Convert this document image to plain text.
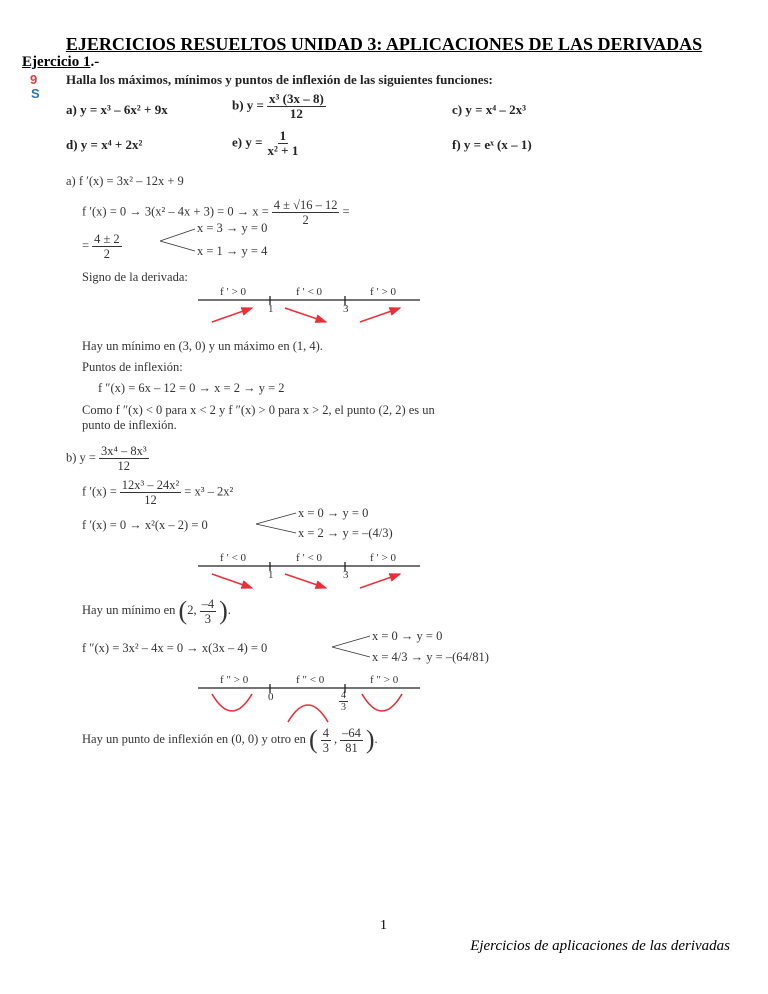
EJERCICIOS RESUELTOS UNIDAD 3: APLICACIONES DE LAS DERIVADAS
Ejercicio 1.-
9
S
Halla los máximos, mínimos y puntos de inflexión de las siguientes funciones:
a) y = x³ – 6x² + 9x	b) $y = \frac{\text{x³ (3x – 8)}}{12}$	c) y = x⁴ – 2x³
d) y = x⁴ + 2x²	e) $y = \frac{1}{\text{x² + 1}}$	f) y = eˣ (x – 1)
a) f ′(x) = 3x² – 12x + 9
f $'(x) = 0 \to 3(x^2 - 4x + 3) = 0 \to x = \frac{4 \pm √16 - 12}{2}$ =
= $\frac{4 \pm 2}{2}$
x = 3 → y = 0
x = 1 → y = 4
Signo de la derivada:
f ′ > 0	f ′ < 0	f ′ > 0
1	3
Hay un mínimo en (3, 0) y un máximo en (1, 4).
Puntos de inflexión:
f ″(x) = 6x – 12 = 0 → x = 2 → y = 2
Como f ″(x) < 0 para x < 2 y f ″(x) > 0 para x > 2, el punto (2, 2) es un
punto de inflexión.
b) $y = \frac{\text{3x⁴ – 8x³}}{12}$
f $'(x) = \frac{\text{12x³ – 24x²}}{12} = x^3 - 2x^2$
f ′(x) = 0 → x²(x – 2) = 0
x = 0 → y = 0
x = 2 → y = –(4/3)
f ′ < 0	f ′ < 0	f ′ > 0
1	3
Hay un mínimo en (2, $\frac{-4}{3}$ ).
f ″(x) = 3x² – 4x = 0 → x(3x – 4) = 0
x = 0 → y = 0
x = 4/3 → y = –(64/81)
f ″ > 0	f ″ < 0	f ″ > 0
0	$\frac{4}{3}$
Hay un punto de inflexión en (0, 0) y otro en ( $\frac{4}{3}$ , $\frac{-64}{81}$ ).
1
Ejercicios de aplicaciones de las derivadas
